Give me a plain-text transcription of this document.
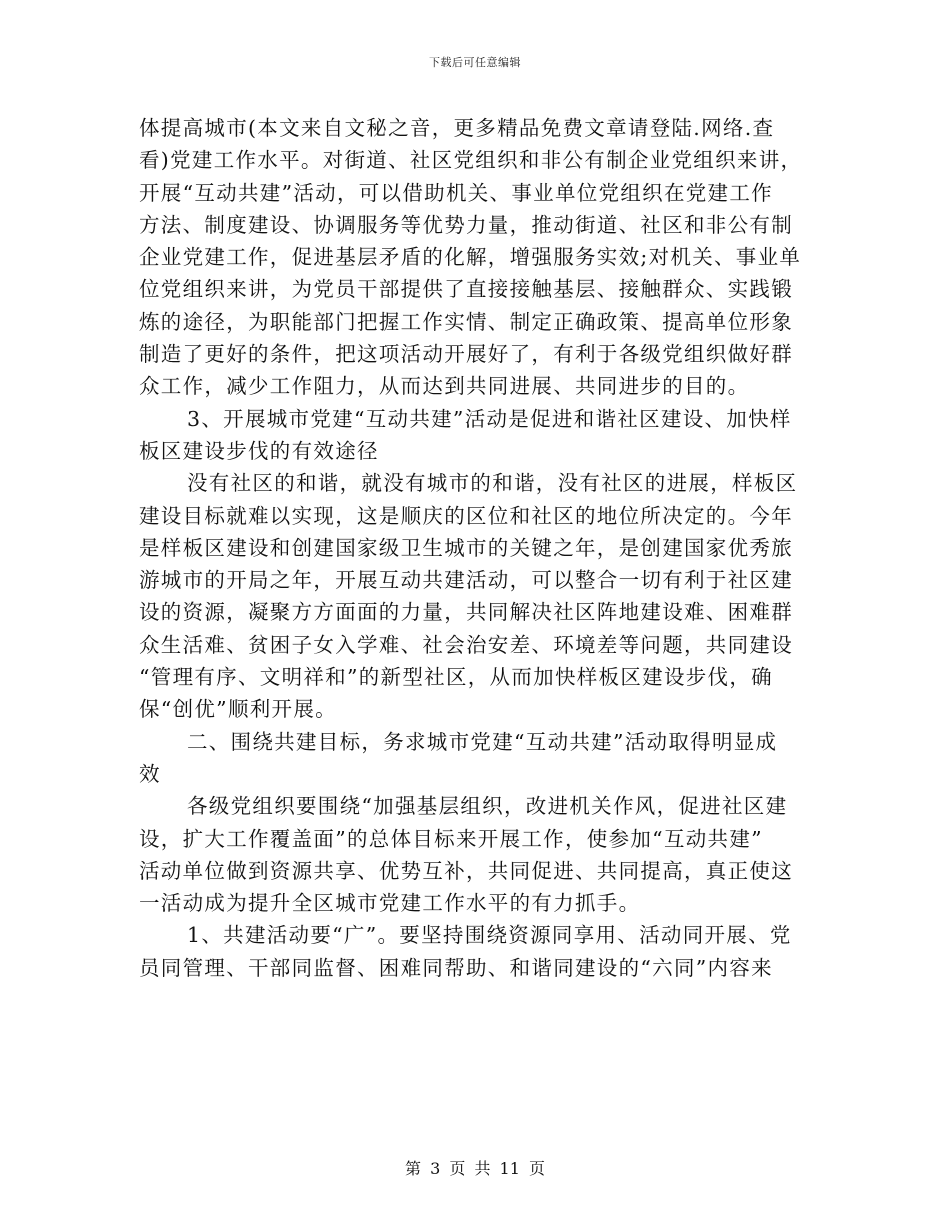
下载后可任意编辑
体提高城市(本文来自文秘之音，更多精品免费文章请登陆.网络.查
看)党建工作水平。对街道、社区党组织和非公有制企业党组织来讲，
开展“互动共建”活动，可以借助机关、事业单位党组织在党建工作
方法、制度建设、协调服务等优势力量，推动街道、社区和非公有制
企业党建工作，促进基层矛盾的化解，增强服务实效;对机关、事业单
位党组织来讲，为党员干部提供了直接接触基层、接触群众、实践锻
炼的途径，为职能部门把握工作实情、制定正确政策、提高单位形象
制造了更好的条件，把这项活动开展好了，有利于各级党组织做好群
众工作，减少工作阻力，从而达到共同进展、共同进步的目的。
3、开展城市党建“互动共建”活动是促进和谐社区建设、加快样
板区建设步伐的有效途径
没有社区的和谐，就没有城市的和谐，没有社区的进展，样板区
建设目标就难以实现，这是顺庆的区位和社区的地位所决定的。今年
是样板区建设和创建国家级卫生城市的关键之年，是创建国家优秀旅
游城市的开局之年，开展互动共建活动，可以整合一切有利于社区建
设的资源，凝聚方方面面的力量，共同解决社区阵地建设难、困难群
众生活难、贫困子女入学难、社会治安差、环境差等问题，共同建设
“管理有序、文明祥和”的新型社区，从而加快样板区建设步伐，确
保“创优”顺利开展。
二、围绕共建目标，务求城市党建“互动共建”活动取得明显成
效
各级党组织要围绕“加强基层组织，改进机关作风，促进社区建
设，扩大工作覆盖面”的总体目标来开展工作，使参加“互动共建”
活动单位做到资源共享、优势互补，共同促进、共同提高，真正使这
一活动成为提升全区城市党建工作水平的有力抓手。
1、共建活动要“广”。要坚持围绕资源同享用、活动同开展、党
员同管理、干部同监督、困难同帮助、和谐同建设的“六同”内容来
第 3 页 共 11 页
